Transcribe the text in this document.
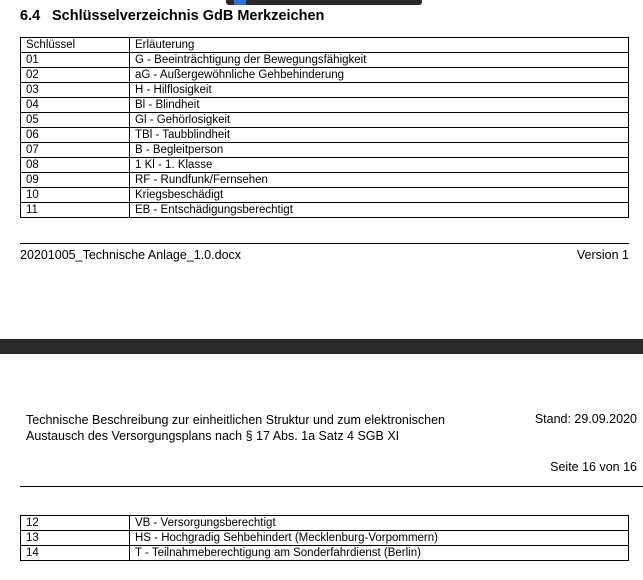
6.4 Schlüsselverzeichnis GdB Merkzeichen
Schlüssel	Erläuterung
01	G - Beeinträchtigung der Bewegungsfähigkeit
02	aG - Außergewöhnliche Gehbehinderung
03	H - Hilflosigkeit
04	Bl - Blindheit
05	Gl - Gehörlosigkeit
06	TBl - Taubblindheit
07	B - Begleitperson
08	1 Kl - 1. Klasse
09	RF - Rundfunk/Fernsehen
10	Kriegsbeschädigt
11	EB - Entschädigungsberechtigt
20201005_Technische Anlage_1.0.docx	Version 1
Technische Beschreibung zur einheitlichen Struktur und zum elektronischen
Austausch des Versorgungsplans nach § 17 Abs. 1a Satz 4 SGB XI
Stand: 29.09.2020
Seite 16 von 16
12	VB - Versorgungsberechtigt
13	HS - Hochgradig Sehbehindert (Mecklenburg-Vorpommern)
14	T - Teilnahmeberechtigung am Sonderfahrdienst (Berlin)
